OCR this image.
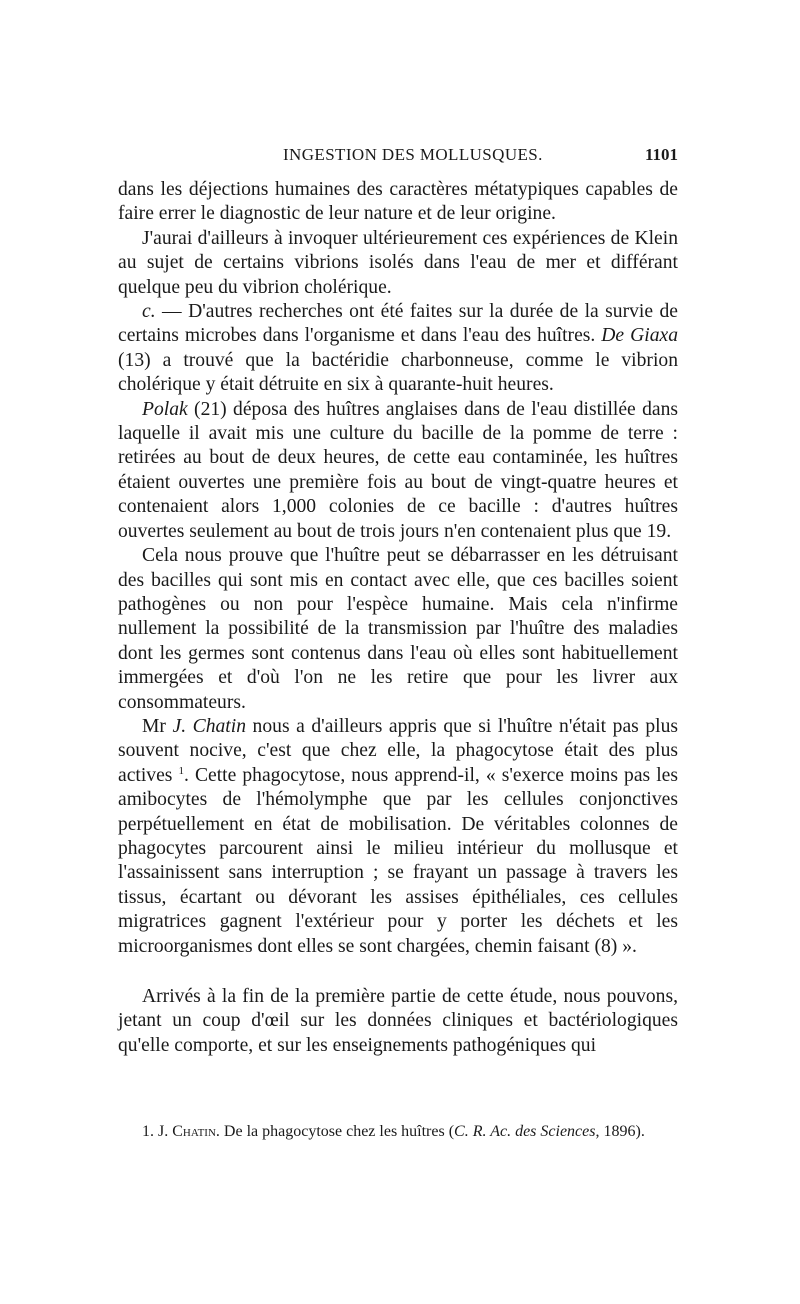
INGESTION DES MOLLUSQUES.	1101

dans les déjections humaines des caractères métatypiques capables de faire errer le diagnostic de leur nature et de leur origine.

J'aurai d'ailleurs à invoquer ultérieurement ces expériences de Klein au sujet de certains vibrions isolés dans l'eau de mer et différant quelque peu du vibrion cholérique.

c. — D'autres recherches ont été faites sur la durée de la survie de certains microbes dans l'organisme et dans l'eau des huîtres. De Giaxa (13) a trouvé que la bactéridie charbonneuse, comme le vibrion cholérique y était détruite en six à quarante-huit heures.

Polak (21) déposa des huîtres anglaises dans de l'eau distillée dans laquelle il avait mis une culture du bacille de la pomme de terre : retirées au bout de deux heures, de cette eau contaminée, les huîtres étaient ouvertes une première fois au bout de vingt-quatre heures et contenaient alors 1,000 colonies de ce bacille : d'autres huîtres ouvertes seulement au bout de trois jours n'en contenaient plus que 19.

Cela nous prouve que l'huître peut se débarrasser en les détruisant des bacilles qui sont mis en contact avec elle, que ces bacilles soient pathogènes ou non pour l'espèce humaine. Mais cela n'infirme nullement la possibilité de la transmission par l'huître des maladies dont les germes sont contenus dans l'eau où elles sont habituellement immergées et d'où l'on ne les retire que pour les livrer aux consommateurs.

Mr J. Chatin nous a d'ailleurs appris que si l'huître n'était pas plus souvent nocive, c'est que chez elle, la phagocytose était des plus actives $^1$. Cette phagocytose, nous apprend-il, « s'exerce moins pas les amibocytes de l'hémolymphe que par les cellules conjonctives perpétuellement en état de mobilisation. De véritables colonnes de phagocytes parcourent ainsi le milieu intérieur du mollusque et l'assainissent sans interruption ; se frayant un passage à travers les tissus, écartant ou dévorant les assises épithéliales, ces cellules migratrices gagnent l'extérieur pour y porter les déchets et les microorganismes dont elles se sont chargées, chemin faisant (8) ».

Arrivés à la fin de la première partie de cette étude, nous pouvons, jetant un coup d'œil sur les données cliniques et bactériologiques qu'elle comporte, et sur les enseignements pathogéniques qui

1. J. Chatin. De la phagocytose chez les huîtres (C. R. Ac. des Sciences, 1896).
